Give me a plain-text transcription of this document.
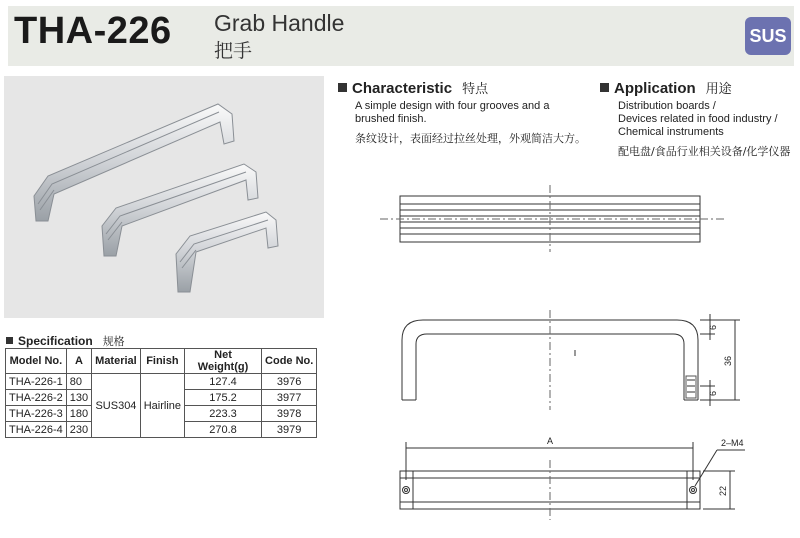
THA-226 Grab Handle
把手
SUS
Characteristic 特点
A simple design with four grooves and a
brushed finish.
条纹设计，表面经过拉丝处理，外观简洁大方。
Application 用途
Distribution boards /
Devices related in food industry /
Chemical instruments
配电盘/食品行业相关设备/化学仪器
Specification 规格
Model No.	A	Material	Finish	Net Weight(g)	Code No.
THA-226-1	80	SUS304	Hairline	127.4	3976
THA-226-2	130			175.2	3977
THA-226-3	180			223.3	3978
THA-226-4	230			270.8	3979
6
36
6
A
22
2–M4
